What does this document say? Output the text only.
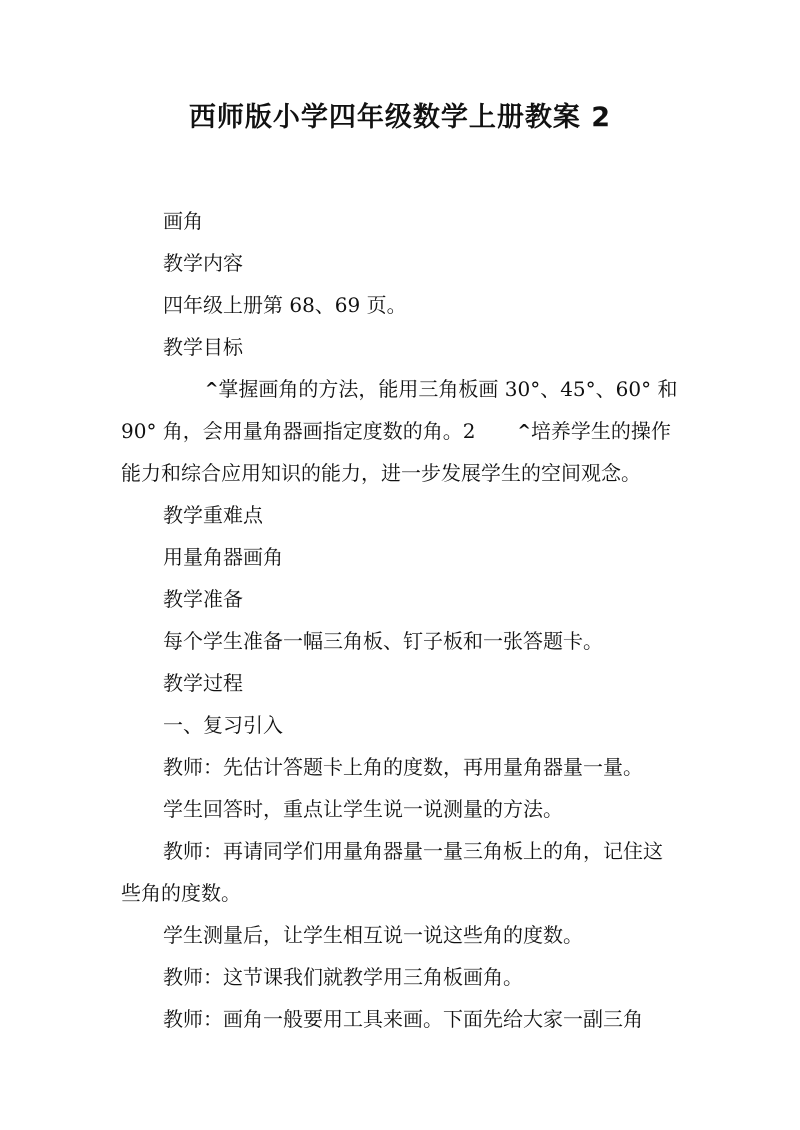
西师版小学四年级数学上册教案 2

画角

教学内容

四年级上册第 68、69 页。

教学目标

^掌握画角的方法，能用三角板画 30°、45°、60° 和 90° 角，会用量角器画指定度数的角。2	^培养学生的操作能力和综合应用知识的能力，进一步发展学生的空间观念。

教学重难点

用量角器画角

教学准备

每个学生准备一幅三角板、钉子板和一张答题卡。

教学过程

一、复习引入

教师：先估计答题卡上角的度数，再用量角器量一量。

学生回答时，重点让学生说一说测量的方法。

教师：再请同学们用量角器量一量三角板上的角，记住这些角的度数。

学生测量后，让学生相互说一说这些角的度数。

教师：这节课我们就教学用三角板画角。

教师：画角一般要用工具来画。下面先给大家一副三角
